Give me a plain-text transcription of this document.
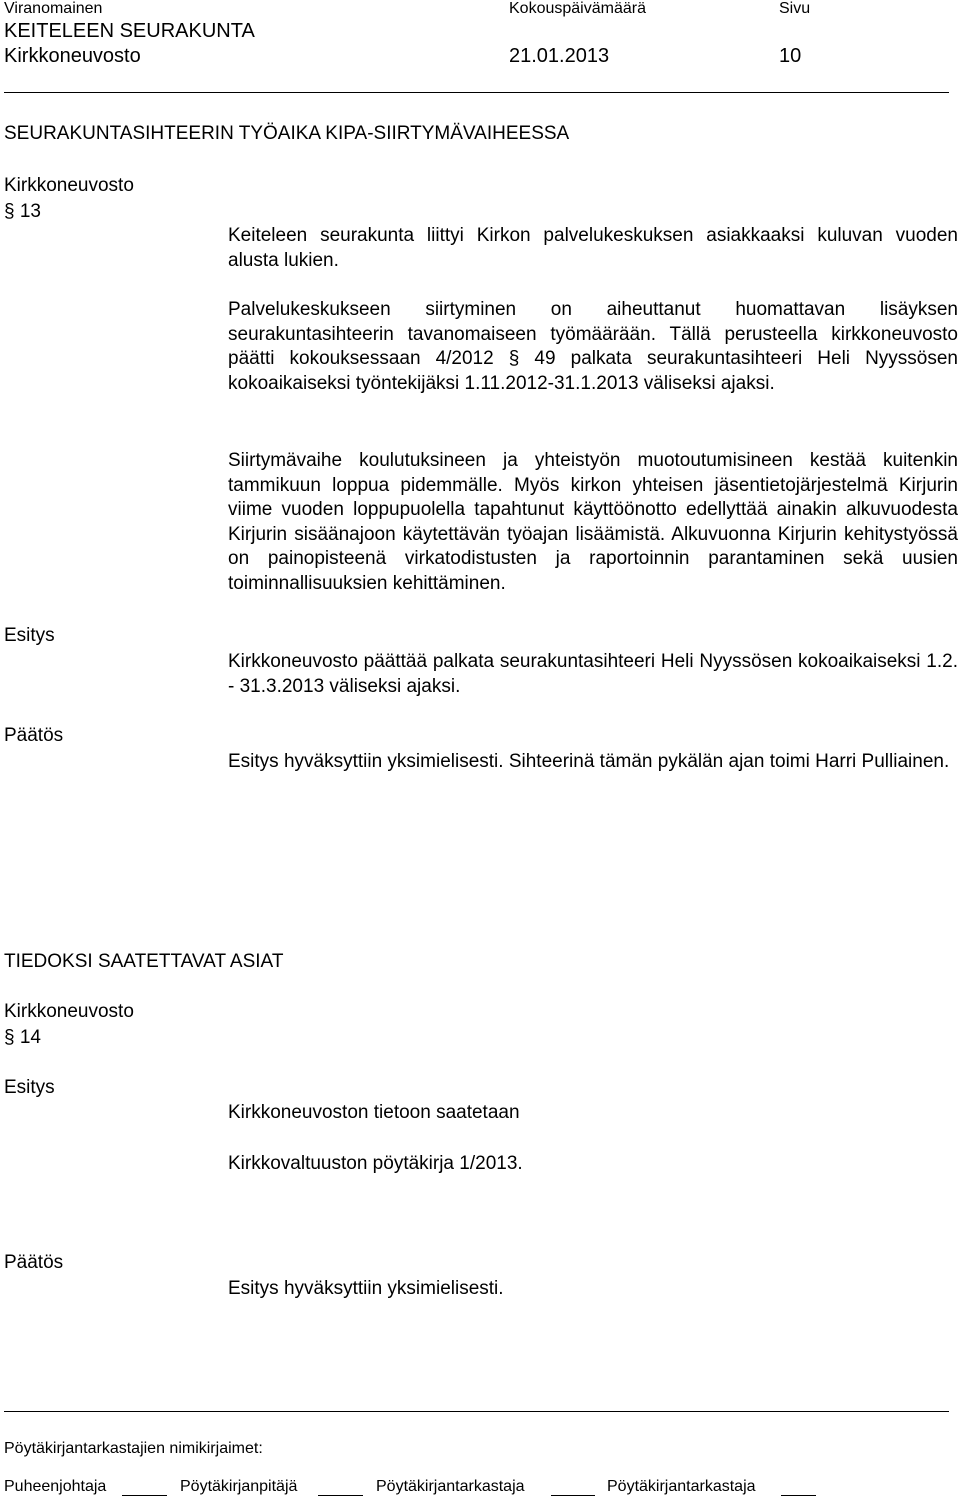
Viranomainen	Kokouspäivämäärä	Sivu
KEITELEEN SEURAKUNTA
Kirkkoneuvosto	21.01.2013	10
SEURAKUNTASIHTEERIN TYÖAIKA KIPA-SIIRTYMÄVAIHEESSA
Kirkkoneuvosto
§ 13
Keiteleen seurakunta liittyi Kirkon palvelukeskuksen asiakkaaksi kuluvan vuoden alusta lukien.
Palvelukeskukseen siirtyminen on aiheuttanut huomattavan lisäyksen seurakuntasihteerin tavanomaiseen työmäärään. Tällä perusteella kirkkoneuvosto päätti kokouksessaan 4/2012 § 49 palkata seurakuntasihteeri Heli Nyyssösen kokoaikaiseksi työntekijäksi 1.11.2012-31.1.2013 väliseksi ajaksi.
Siirtymävaihe koulutuksineen ja yhteistyön muotoutumisineen kestää kuitenkin tammikuun loppua pidemmälle. Myös kirkon yhteisen jäsentietojärjestelmä Kirjurin viime vuoden loppupuolella tapahtunut käyttöönotto edellyttää ainakin alkuvuodesta Kirjurin sisäänajoon käytettävän työajan lisäämistä. Alkuvuonna Kirjurin kehitystyössä on painopisteenä virkatodistusten ja raportoinnin parantaminen sekä uusien toiminnallisuuksien kehittäminen.
Esitys
Kirkkoneuvosto päättää palkata seurakuntasihteeri Heli Nyyssösen kokoaikaiseksi 1.2. - 31.3.2013 väliseksi ajaksi.
Päätös
Esitys hyväksyttiin yksimielisesti. Sihteerinä tämän pykälän ajan toimi Harri Pulliainen.
TIEDOKSI SAATETTAVAT ASIAT
Kirkkoneuvosto
§ 14
Esitys
Kirkkoneuvoston tietoon saatetaan
Kirkkovaltuuston pöytäkirja 1/2013.
Päätös
Esitys hyväksyttiin yksimielisesti.
Pöytäkirjantarkastajien nimikirjaimet:
Puheenjohtaja	Pöytäkirjanpitäjä	Pöytäkirjantarkastaja	Pöytäkirjantarkastaja
